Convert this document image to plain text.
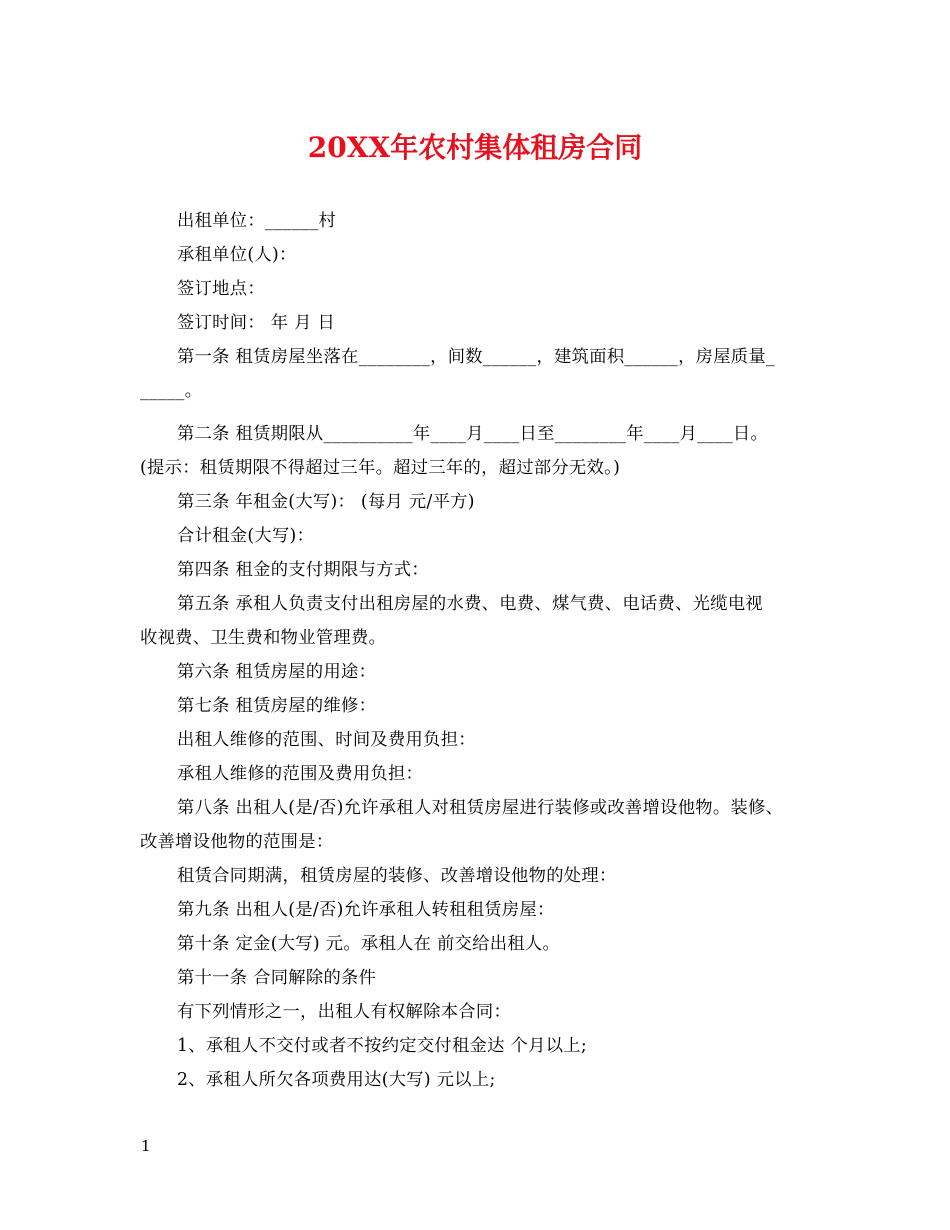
20XX年农村集体租房合同
出租单位：______村
承租单位(人)：
签订地点：
签订时间： 年 月 日
第一条 租赁房屋坐落在________，间数______，建筑面积______，房屋质量_
_____。
第二条 租赁期限从__________年____月____日至________年____月____日。
(提示：租赁期限不得超过三年。超过三年的，超过部分无效。)
第三条 年租金(大写)： (每月 元/平方)
合计租金(大写)：
第四条 租金的支付期限与方式：
第五条 承租人负责支付出租房屋的水费、电费、煤气费、电话费、光缆电视
收视费、卫生费和物业管理费。
第六条 租赁房屋的用途：
第七条 租赁房屋的维修：
出租人维修的范围、时间及费用负担：
承租人维修的范围及费用负担：
第八条 出租人(是/否)允许承租人对租赁房屋进行装修或改善增设他物。装修、
改善增设他物的范围是：
租赁合同期满，租赁房屋的装修、改善增设他物的处理：
第九条 出租人(是/否)允许承租人转租租赁房屋：
第十条 定金(大写) 元。承租人在 前交给出租人。
第十一条 合同解除的条件
有下列情形之一，出租人有权解除本合同：
1、承租人不交付或者不按约定交付租金达 个月以上;
2、承租人所欠各项费用达(大写) 元以上;
1
